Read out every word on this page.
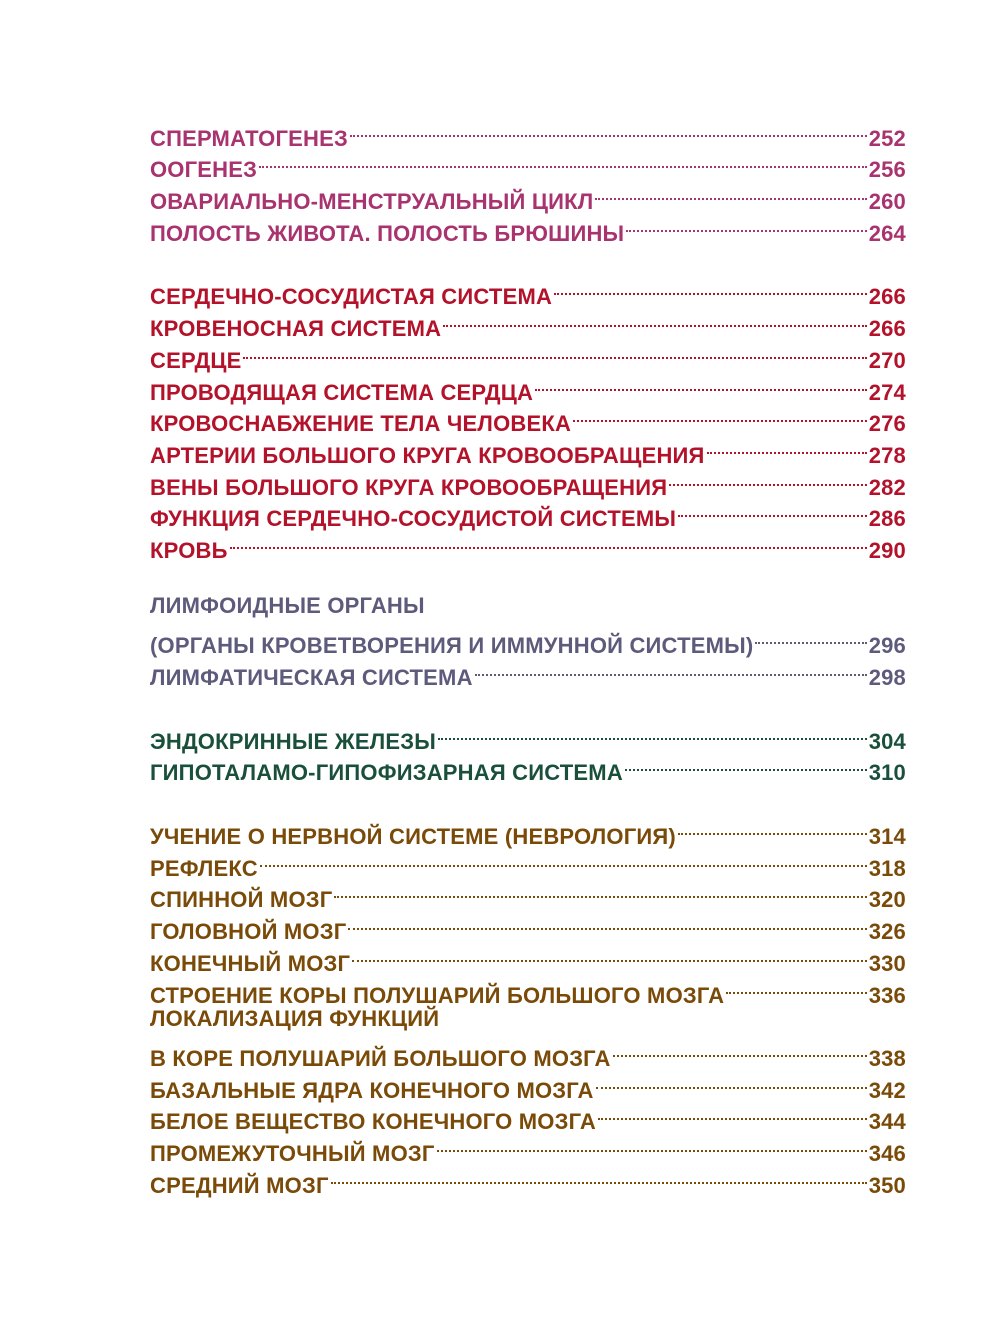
СПЕРМАТОГЕНЕЗ	252
ООГЕНЕЗ	256
ОВАРИАЛЬНО-МЕНСТРУАЛЬНЫЙ ЦИКЛ	260
ПОЛОСТЬ ЖИВОТА. ПОЛОСТЬ БРЮШИНЫ	264
СЕРДЕЧНО-СОСУДИСТАЯ СИСТЕМА	266
КРОВЕНОСНАЯ СИСТЕМА	266
СЕРДЦЕ	270
ПРОВОДЯЩАЯ СИСТЕМА СЕРДЦА	274
КРОВОСНАБЖЕНИЕ ТЕЛА ЧЕЛОВЕКА	276
АРТЕРИИ БОЛЬШОГО КРУГА КРОВООБРАЩЕНИЯ	278
ВЕНЫ БОЛЬШОГО КРУГА КРОВООБРАЩЕНИЯ	282
ФУНКЦИЯ СЕРДЕЧНО-СОСУДИСТОЙ СИСТЕМЫ	286
КРОВЬ	290
ЛИМФОИДНЫЕ ОРГАНЫ
(ОРГАНЫ КРОВЕТВОРЕНИЯ И ИММУННОЙ СИСТЕМЫ)	296
ЛИМФАТИЧЕСКАЯ СИСТЕМА	298
ЭНДОКРИННЫЕ ЖЕЛЕЗЫ	304
ГИПОТАЛАМО-ГИПОФИЗАРНАЯ СИСТЕМА	310
УЧЕНИЕ О НЕРВНОЙ СИСТЕМЕ (НЕВРОЛОГИЯ)	314
РЕФЛЕКС	318
СПИННОЙ МОЗГ	320
ГОЛОВНОЙ МОЗГ	326
КОНЕЧНЫЙ МОЗГ	330
СТРОЕНИЕ КОРЫ ПОЛУШАРИЙ БОЛЬШОГО МОЗГА	336
ЛОКАЛИЗАЦИЯ ФУНКЦИЙ
В КОРЕ ПОЛУШАРИЙ БОЛЬШОГО МОЗГА	338
БАЗАЛЬНЫЕ ЯДРА КОНЕЧНОГО МОЗГА	342
БЕЛОЕ ВЕЩЕСТВО КОНЕЧНОГО МОЗГА	344
ПРОМЕЖУТОЧНЫЙ МОЗГ	346
СРЕДНИЙ МОЗГ	350
